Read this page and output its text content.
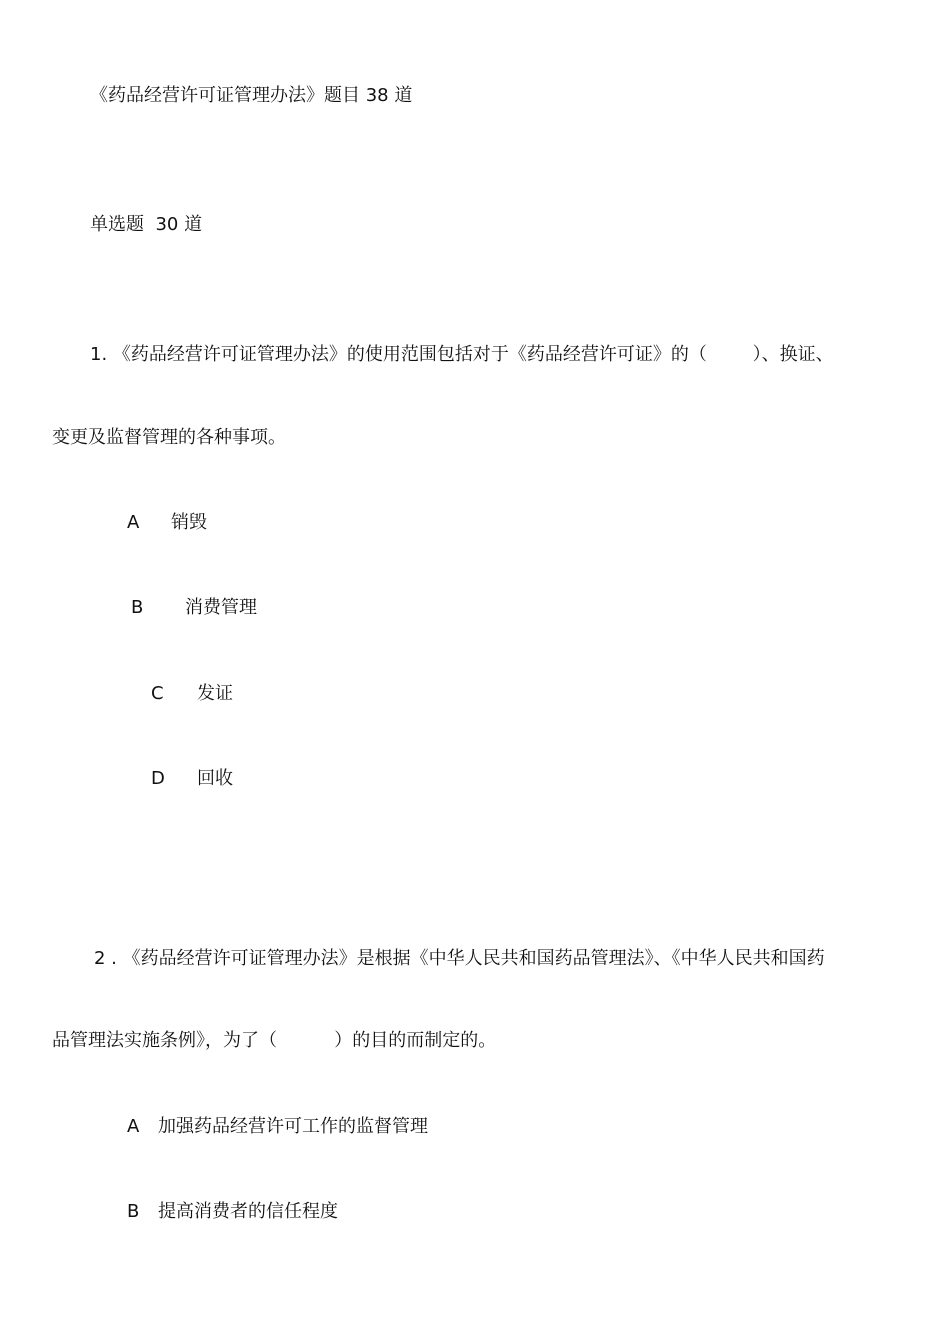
《药品经营许可证管理办法》题目 38 道
单选题  30 道
1. 《药品经营许可证管理办法》的使用范围包括对于《药品经营许可证》的（        ）、换证、
变更及监督管理的各种事项。
A 销毁
B 消费管理
C 发证
D 回收
2 . 《药品经营许可证管理办法》是根据《中华人民共和国药品管理法》、《中华人民共和国药
品管理法实施条例》，为了（          ）的目的而制定的。
A 加强药品经营许可工作的监督管理
B 提高消费者的信任程度
